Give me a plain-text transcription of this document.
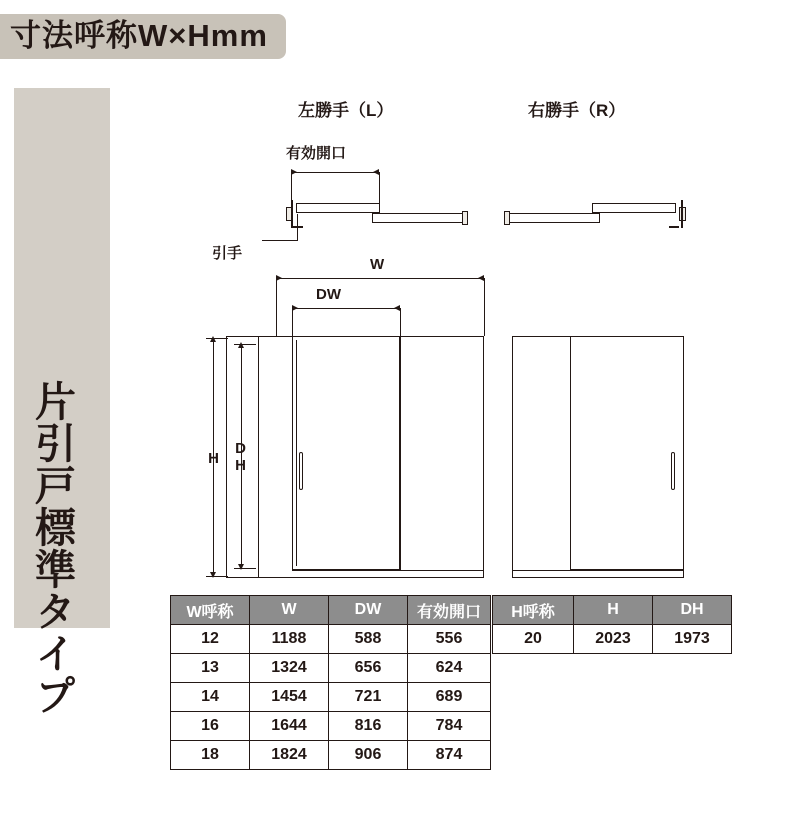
寸法呼称W×Hmm
片引戸標準タイプ
左勝手（L）	右勝手（R）
有効開口
引手
W
DW
H DH
W呼称	W	DW	有効開口
12	1188	588	556
13	1324	656	624
14	1454	721	689
16	1644	816	784
18	1824	906	874
H呼称	H	DH
20	2023	1973
